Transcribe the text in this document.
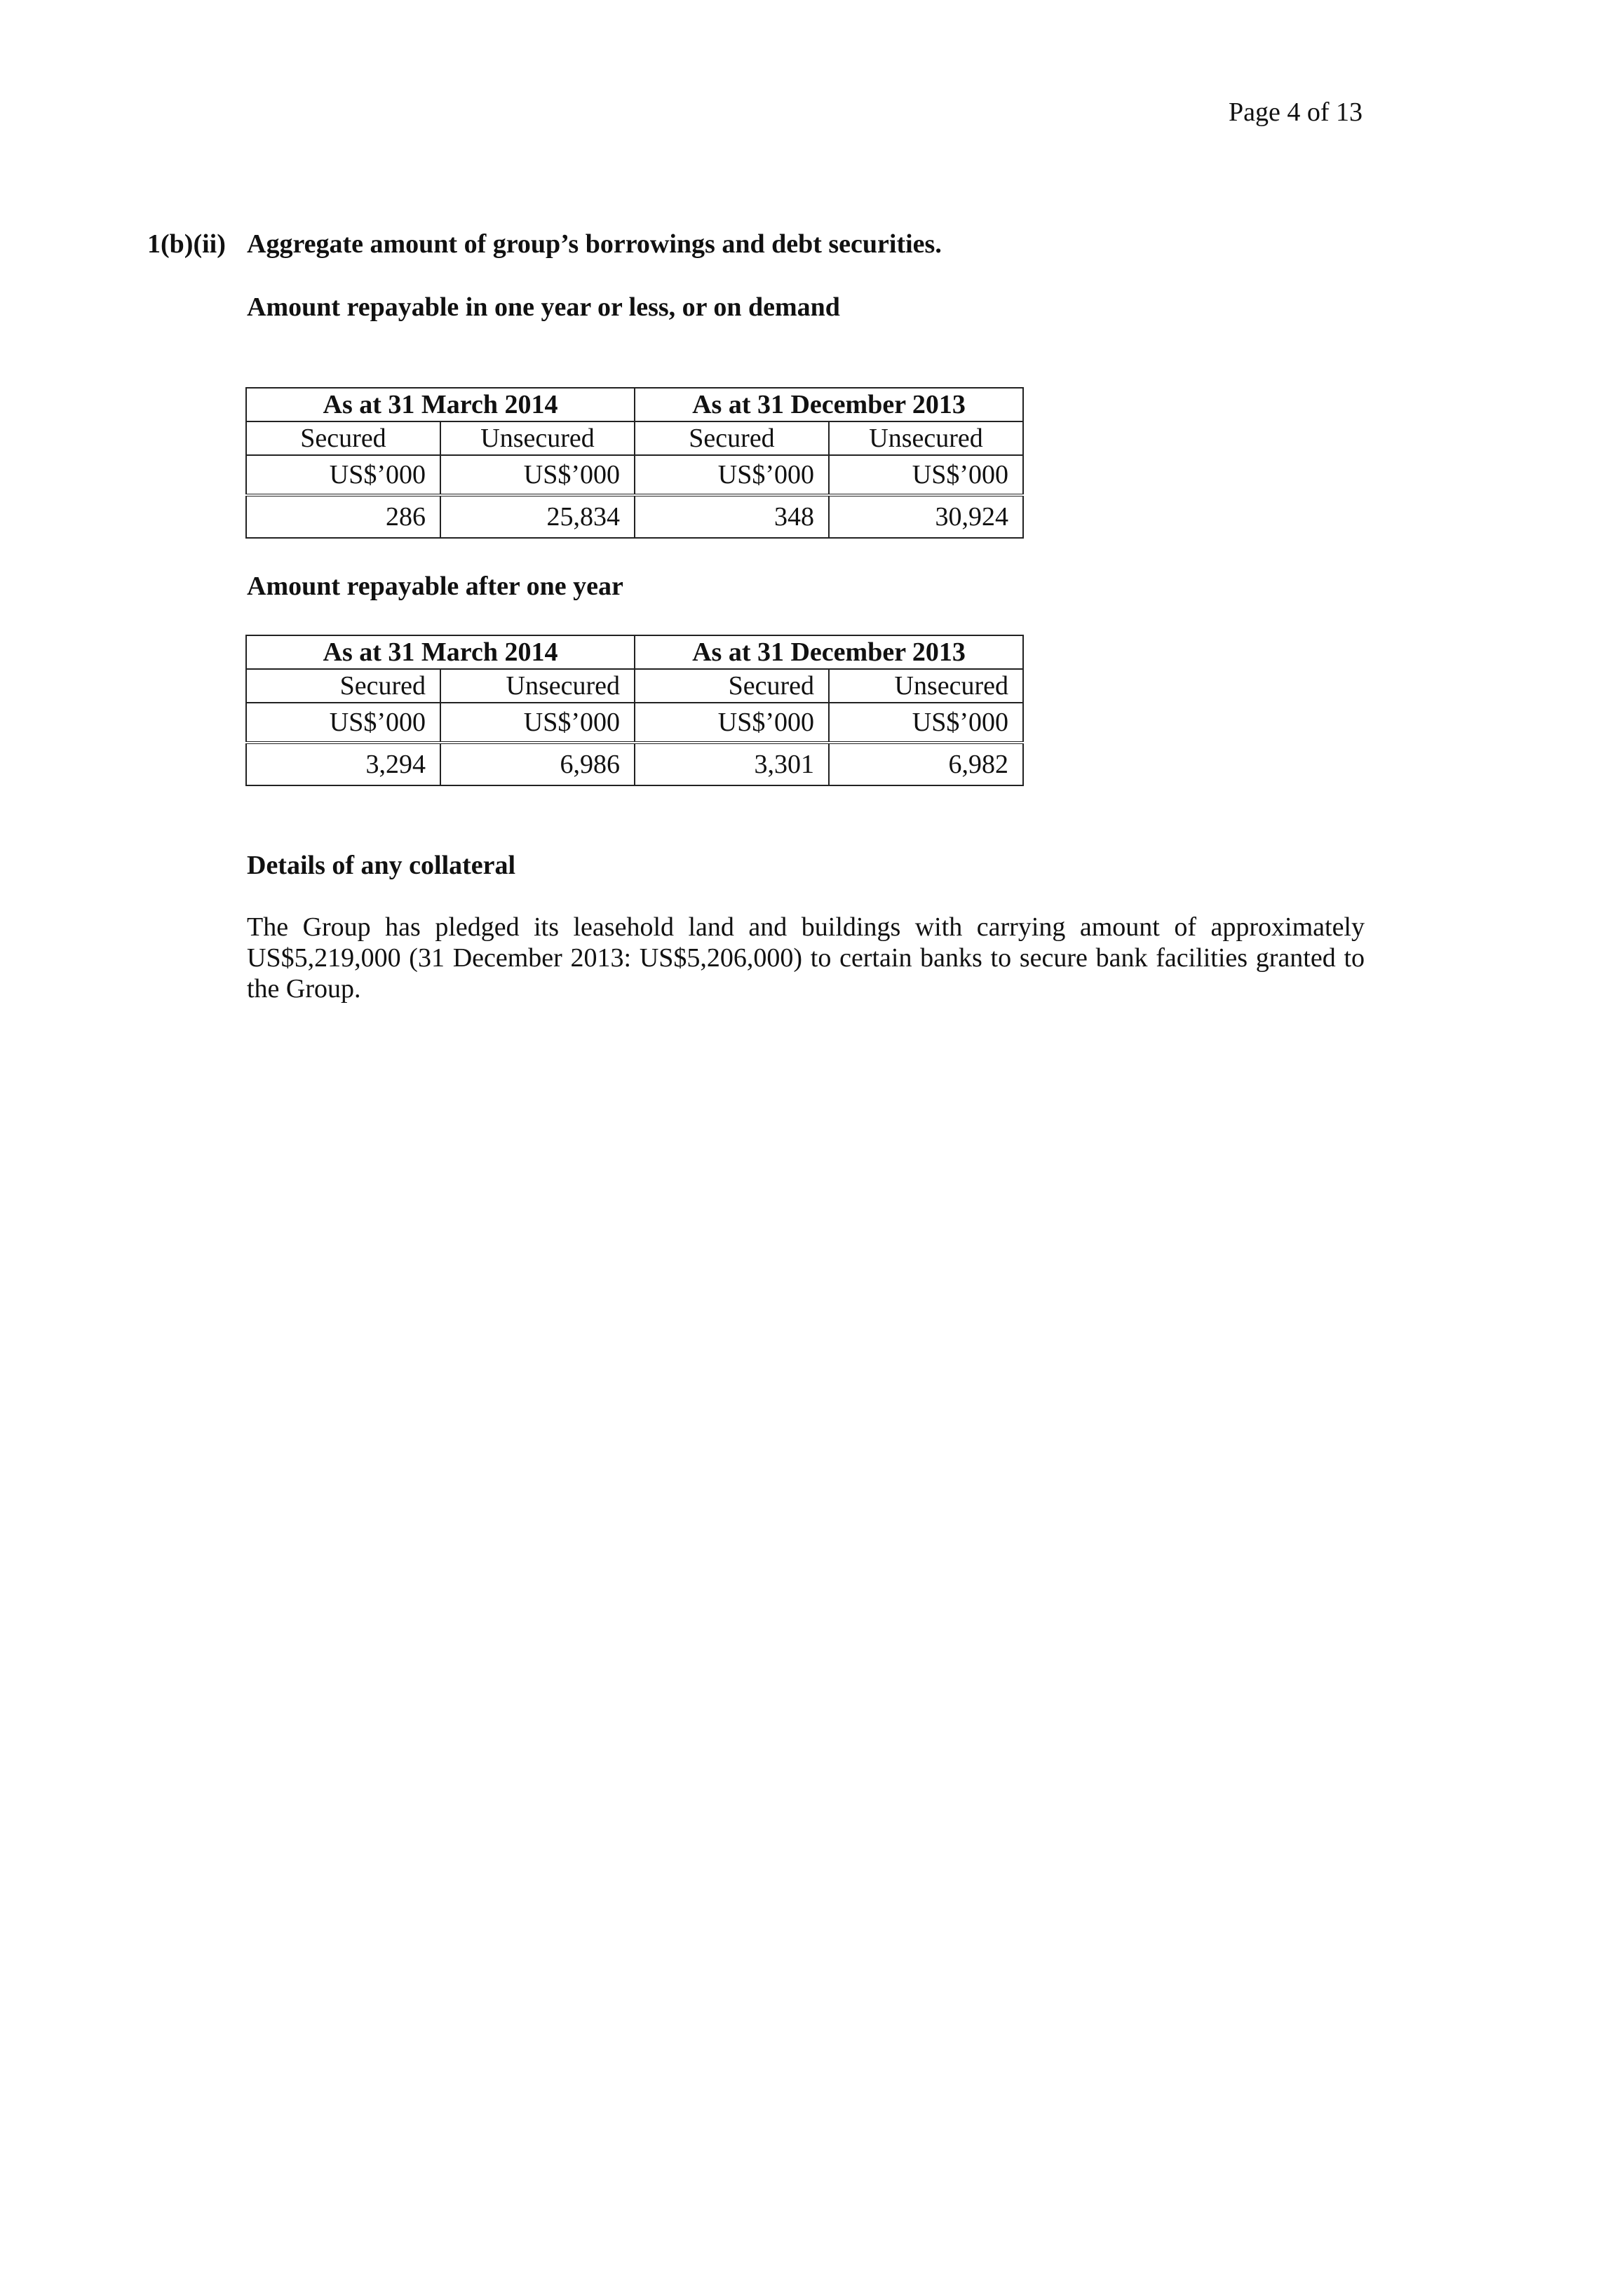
Page 4 of 13
1(b)(ii) Aggregate amount of group’s borrowings and debt securities.
Amount repayable in one year or less, or on demand
As at 31 March 2014		As at 31 December 2013	
Secured	Unsecured	Secured	Unsecured
US$’000	US$’000	US$’000	US$’000
286	25,834	348	30,924
Amount repayable after one year
As at 31 March 2014		As at 31 December 2013	
Secured	Unsecured	Secured	Unsecured
US$’000	US$’000	US$’000	US$’000
3,294	6,986	3,301	6,982
Details of any collateral
The Group has pledged its leasehold land and buildings with carrying amount of approximately US$5,219,000 (31 December 2013: US$5,206,000) to certain banks to secure bank facilities granted to the Group.
